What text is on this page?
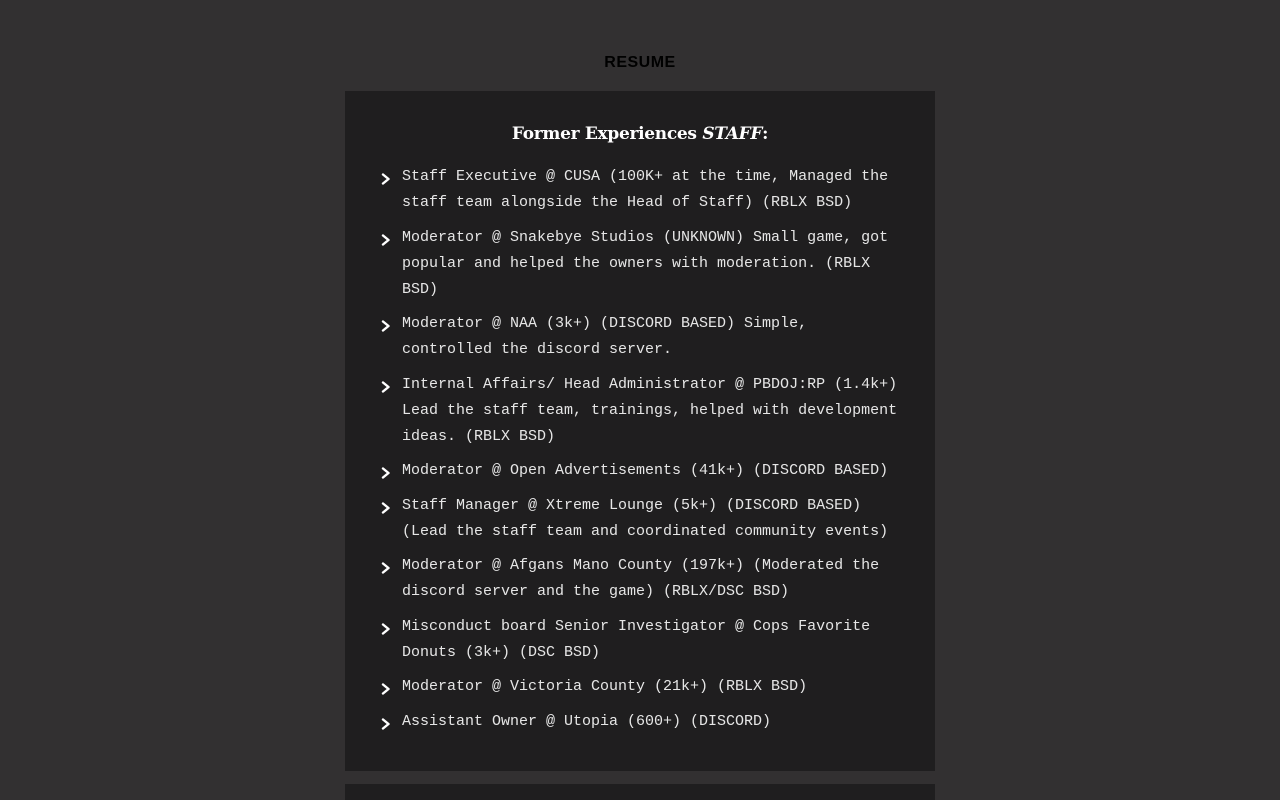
RESUME
Former Experiences STAFF:
Staff Executive @ CUSA (100K+ at the time, Managed the staff team alongside the Head of Staff) (RBLX BSD)
Moderator @ Snakebye Studios (UNKNOWN) Small game, got popular and helped the owners with moderation. (RBLX BSD)
Moderator @ NAA (3k+) (DISCORD BASED) Simple, controlled the discord server.
Internal Affairs/ Head Administrator @ PBDOJ:RP (1.4k+) Lead the staff team, trainings, helped with development ideas. (RBLX BSD)
Moderator @ Open Advertisements (41k+) (DISCORD BASED)
Staff Manager @ Xtreme Lounge (5k+) (DISCORD BASED) (Lead the staff team and coordinated community events)
Moderator @ Afgans Mano County (197k+) (Moderated the discord server and the game) (RBLX/DSC BSD)
Misconduct board Senior Investigator @ Cops Favorite Donuts (3k+) (DSC BSD)
Moderator @ Victoria County (21k+) (RBLX BSD)
Assistant Owner @ Utopia (600+) (DISCORD)
